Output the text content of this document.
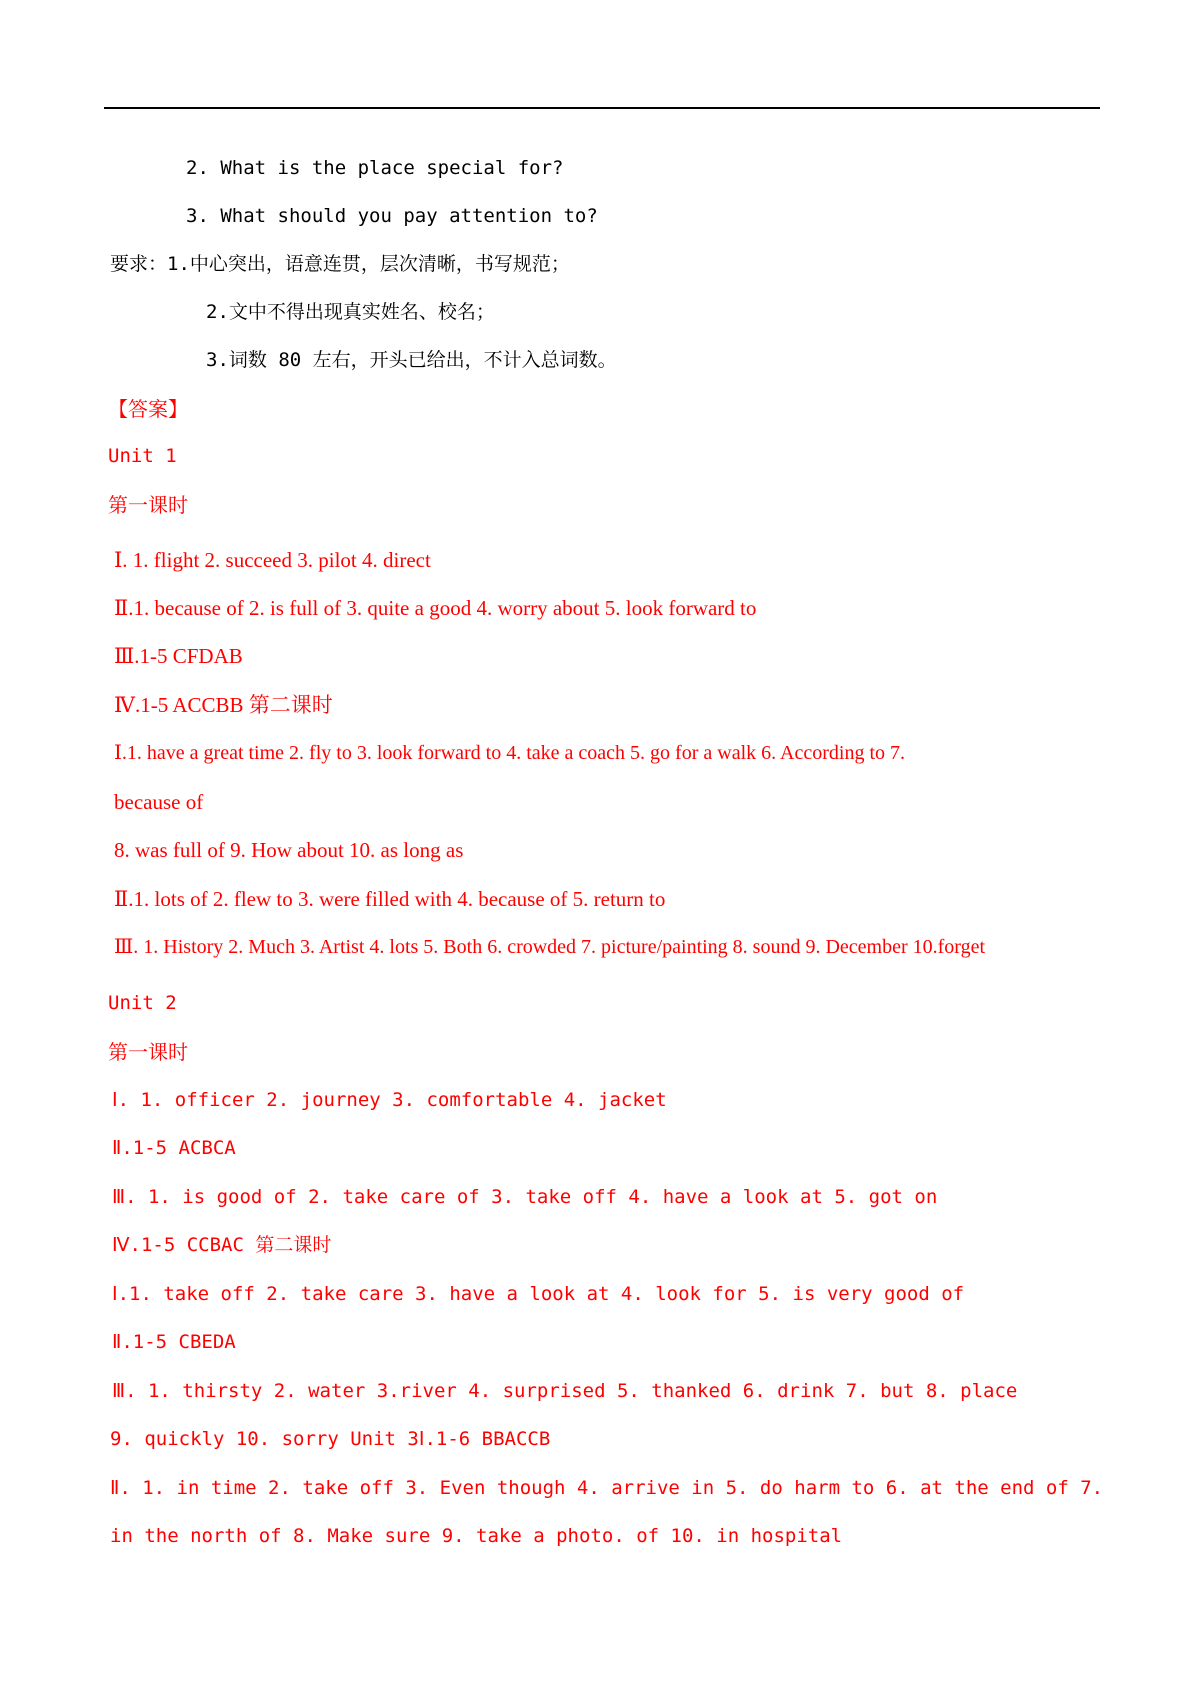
2. What is the place special for?

3. What should you pay attention to?

要求：1.中心突出，语意连贯，层次清晰，书写规范；

2.文中不得出现真实姓名、校名；

3.词数 80 左右，开头已给出，不计入总词数。

【答案】

Unit 1

第一课时

Ⅰ. 1. flight 2. succeed 3. pilot 4. direct

Ⅱ.1. because of 2. is full of 3. quite a good 4. worry about 5. look forward to

Ⅲ.1-5 CFDAB

Ⅳ.1-5 ACCBB 第二课时

Ⅰ.1. have a great time 2. fly to 3. look forward to 4. take a coach 5. go for a walk 6. According to 7.

because of

8. was full of 9. How about 10. as long as

Ⅱ.1. lots of 2. flew to 3. were filled with 4. because of 5. return to

Ⅲ. 1. History 2. Much 3. Artist 4. lots 5. Both 6. crowded 7. picture/painting 8. sound 9. December 10.forget

Unit 2

第一课时

Ⅰ. 1. officer 2. journey 3. comfortable 4. jacket

Ⅱ.1-5 ACBCA

Ⅲ. 1. is good of 2. take care of 3. take off 4. have a look at 5. got on

Ⅳ.1-5 CCBAC 第二课时

Ⅰ.1. take off 2. take care 3. have a look at 4. look for 5. is very good of

Ⅱ.1-5 CBEDA

Ⅲ. 1. thirsty 2. water 3.river 4. surprised 5. thanked 6. drink 7. but 8. place

9. quickly 10. sorry Unit 3Ⅰ.1-6 BBACCB

Ⅱ. 1. in time 2. take off 3. Even though 4. arrive in 5. do harm to 6. at the end of 7.

in the north of 8. Make sure 9. take a photo. of 10. in hospital
